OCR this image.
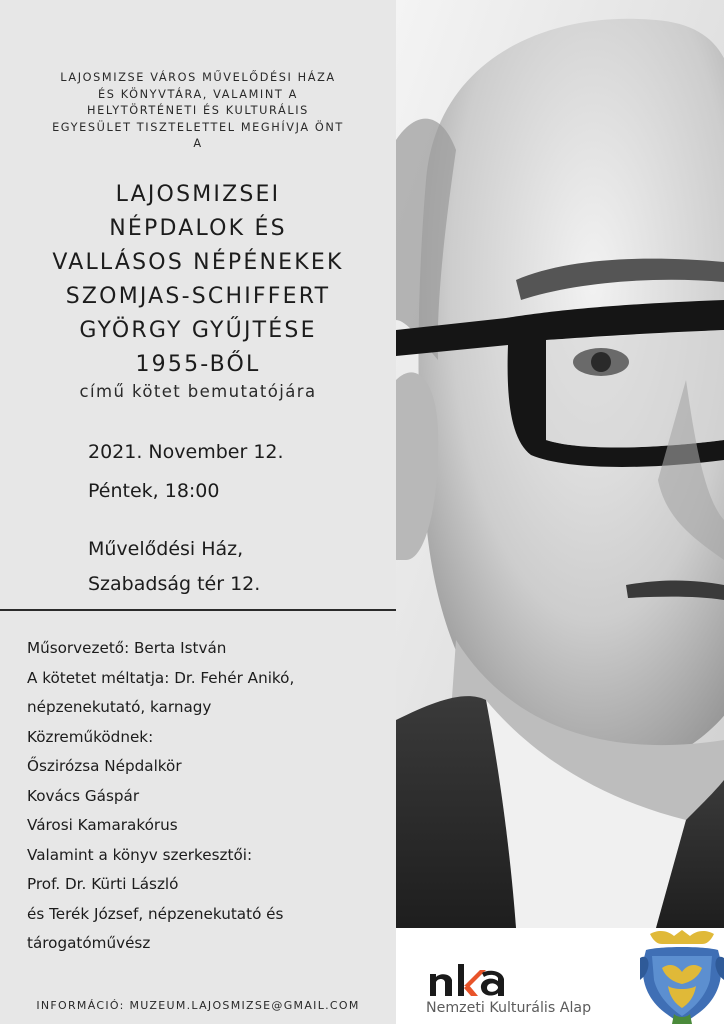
LAJOSMIZSE VÁROS MŰVELŐDÉSI HÁZA
ÉS KÖNYVTÁRA, VALAMINT A
HELYTÖRTÉNETI ÉS KULTURÁLIS
EGYESÜLET TISZTELETTEL MEGHÍVJA ÖNT
A
LAJOSMIZSEI
NÉPDALOK ÉS
VALLÁSOS NÉPÉNEKEK
SZOMJAS-SCHIFFERT
GYÖRGY GYŰJTÉSE
1955-BŐL
című kötet bemutatójára
2021. November 12.
Péntek, 18:00
Művelődési Ház,
Szabadság tér 12.
Műsorvezető: Berta István
A kötetet méltatja: Dr. Fehér Anikó,
népzenekutató, karnagy
Közreműködnek:
Őszirózsa Népdalkör
Kovács Gáspár
Városi Kamarakórus
Valamint a könyv szerkesztői:
Prof. Dr. Kürti László
és Terék József, népzenekutató és
tárogatóművész
INFORMÁCIÓ: MUZEUM.LAJOSMIZSE@GMAIL.COM	Nemzeti Kulturális Alap
